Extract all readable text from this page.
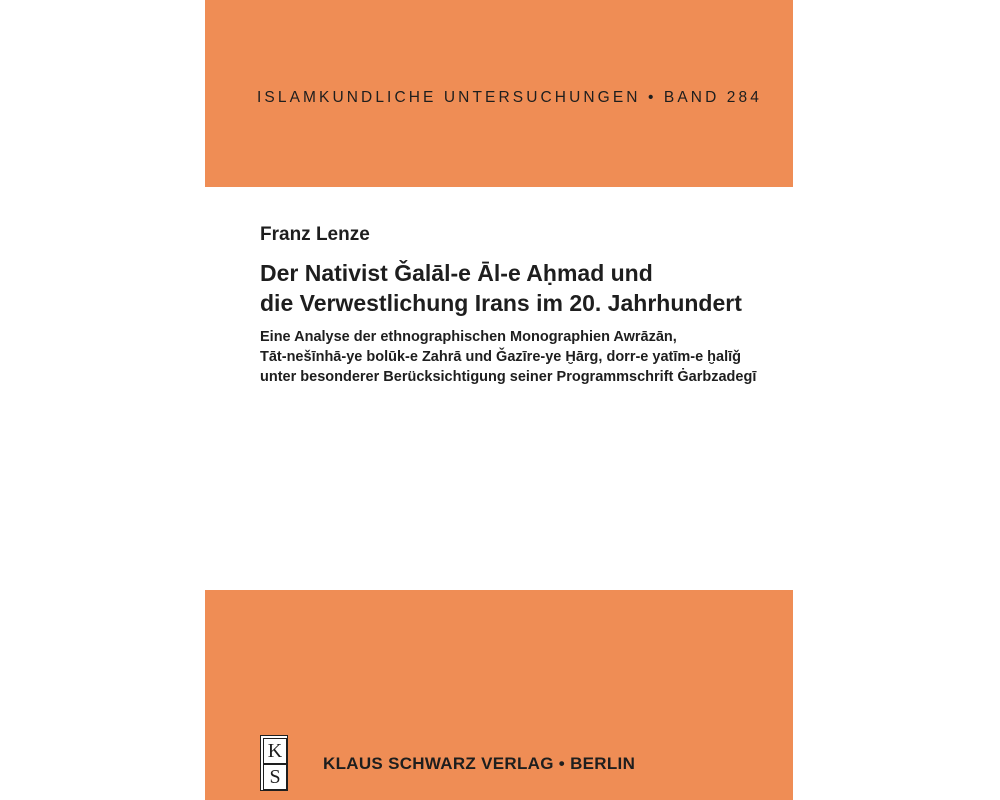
ISLAMKUNDLICHE UNTERSUCHUNGEN • BAND 284
Franz Lenze
Der Nativist Ǧalāl-e Āl-e Aḥmad und
die Verwestlichung Irans im 20. Jahrhundert
Eine Analyse der ethnographischen Monographien Awrāzān,
Tāt-nešīnhā-ye bolūk-e Zahrā und Ǧazīre-ye Ḫārg, dorr-e yatīm-e ḫalīǧ
unter besonderer Berücksichtigung seiner Programmschrift Ġarbzadegī
K
S
KLAUS SCHWARZ VERLAG • BERLIN
